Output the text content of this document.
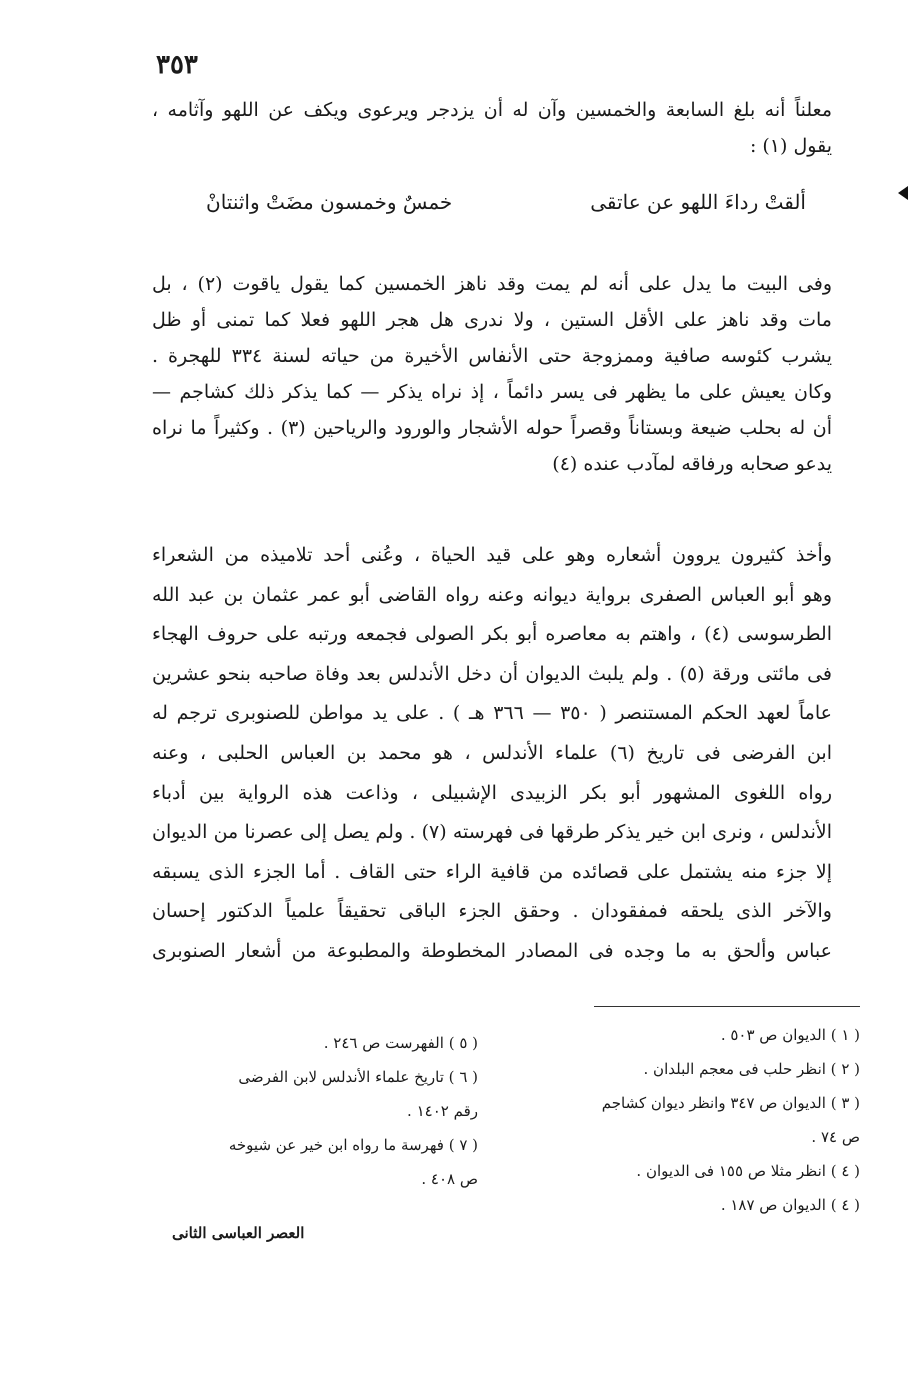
٣٥٣
معلناً أنه بلغ السابعة والخمسين وآن له أن يزدجر ويرعوى ويكف عن اللهو وآثامه ،
يقول (١) :
ألقتْ رداءَ اللهو عن عاتقى
خمسٌ وخمسون مضَتْ واثنتانْ
وفى البيت ما يدل على أنه لم يمت وقد ناهز الخمسين كما يقول ياقوت (٢) ، بل
مات وقد ناهز على الأقل الستين ، ولا ندرى هل هجر اللهو فعلا كما تمنى أو ظل
يشرب كئوسه صافية وممزوجة حتى الأنفاس الأخيرة من حياته لسنة ٣٣٤ للهجرة .
وكان يعيش على ما يظهر فى يسر دائماً ، إذ نراه يذكر — كما يذكر ذلك كشاجم —
أن له بحلب ضيعة وبستاناً وقصراً حوله الأشجار والورود والرياحين (٣) . وكثيراً ما نراه
يدعو صحابه ورفاقه لمآدب عنده (٤)
وأخذ كثيرون يروون أشعاره وهو على قيد الحياة ، وعُنى أحد تلاميذه من الشعراء
وهو أبو العباس الصفرى برواية ديوانه وعنه رواه القاضى أبو عمر عثمان بن عبد الله
الطرسوسى (٤) ، واهتم به معاصره أبو بكر الصولى فجمعه ورتبه على حروف الهجاء
فى مائتى ورقة (٥) . ولم يلبث الديوان أن دخل الأندلس بعد وفاة صاحبه بنحو عشرين
عاماً لعهد الحكم المستنصر ( ٣٥٠ — ٣٦٦ هـ ) . على يد مواطن للصنوبرى ترجم له
ابن الفرضى فى تاريخ (٦) علماء الأندلس ، هو محمد بن العباس الحلبى ، وعنه
رواه اللغوى المشهور أبو بكر الزبيدى الإشبيلى ، وذاعت هذه الرواية بين أدباء
الأندلس ، ونرى ابن خير يذكر طرقها فى فهرسته (٧) . ولم يصل إلى عصرنا من الديوان
إلا جزء منه يشتمل على قصائده من قافية الراء حتى القاف . أما الجزء الذى يسبقه
والآخر الذى يلحقه فمفقودان . وحقق الجزء الباقى تحقيقاً علمياً الدكتور إحسان
عباس وألحق به ما وجده فى المصادر المخطوطة والمطبوعة من أشعار الصنوبرى
( ١ ) الديوان ص ٥٠٣ .
( ٢ ) انظر حلب فى معجم البلدان .
( ٣ ) الديوان ص ٣٤٧ وانظر ديوان كشاجم
ص ٧٤ .
( ٤ ) انظر مثلا ص ١٥٥ فى الديوان .
( ٤ ) الديوان ص ١٨٧ .
( ٥ ) الفهرست ص ٢٤٦ .
( ٦ ) تاريخ علماء الأندلس لابن الفرضى
رقم ١٤٠٢ .
( ٧ ) فهرسة ما رواه ابن خير عن شيوخه
ص ٤٠٨ .
العصر العباسى الثانى
